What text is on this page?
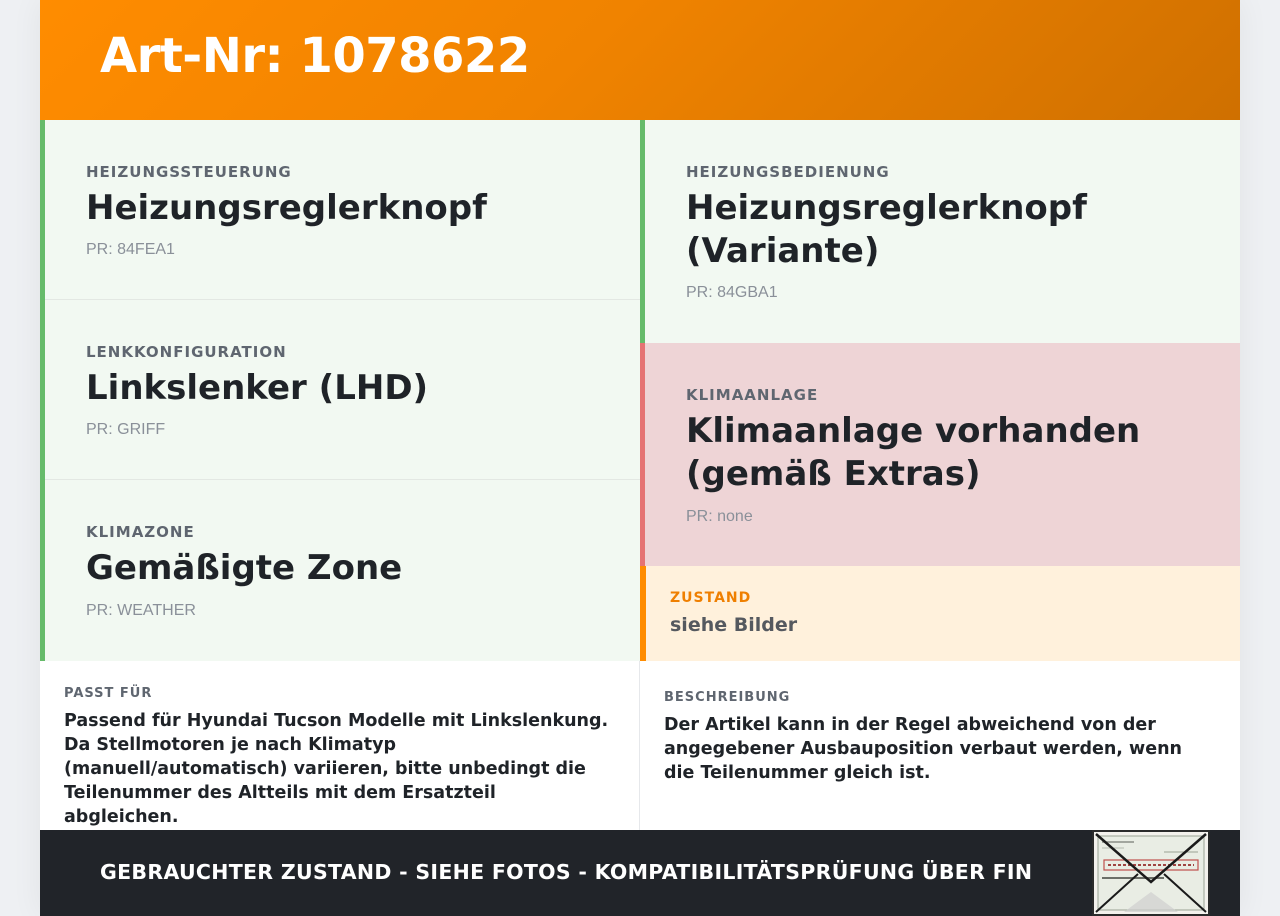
Art-Nr: 1078622
HEIZUNGSSTEUERUNG
Heizungsreglerknopf
PR: 84FEA1
LENKKONFIGURATION
Linkslenker (LHD)
PR: GRIFF
KLIMAZONE
Gemäßigte Zone
PR: WEATHER
HEIZUNGSBEDIENUNG
Heizungsreglerknopf (Variante)
PR: 84GBA1
KLIMAANLAGE
Klimaanlage vorhanden (gemäß Extras)
PR: none
ZUSTAND
siehe Bilder
PASST FÜR
Passend für Hyundai Tucson Modelle mit Linkslenkung. Da Stellmotoren je nach Klimatyp (manuell/automatisch) variieren, bitte unbedingt die Teilenummer des Altteils mit dem Ersatzteil abgleichen.
BESCHREIBUNG
Der Artikel kann in der Regel abweichend von der angegebener Ausbauposition verbaut werden, wenn die Teilenummer gleich ist.
GEBRAUCHTER ZUSTAND - SIEHE FOTOS - KOMPATIBILITÄTSPRÜFUNG ÜBER FIN
